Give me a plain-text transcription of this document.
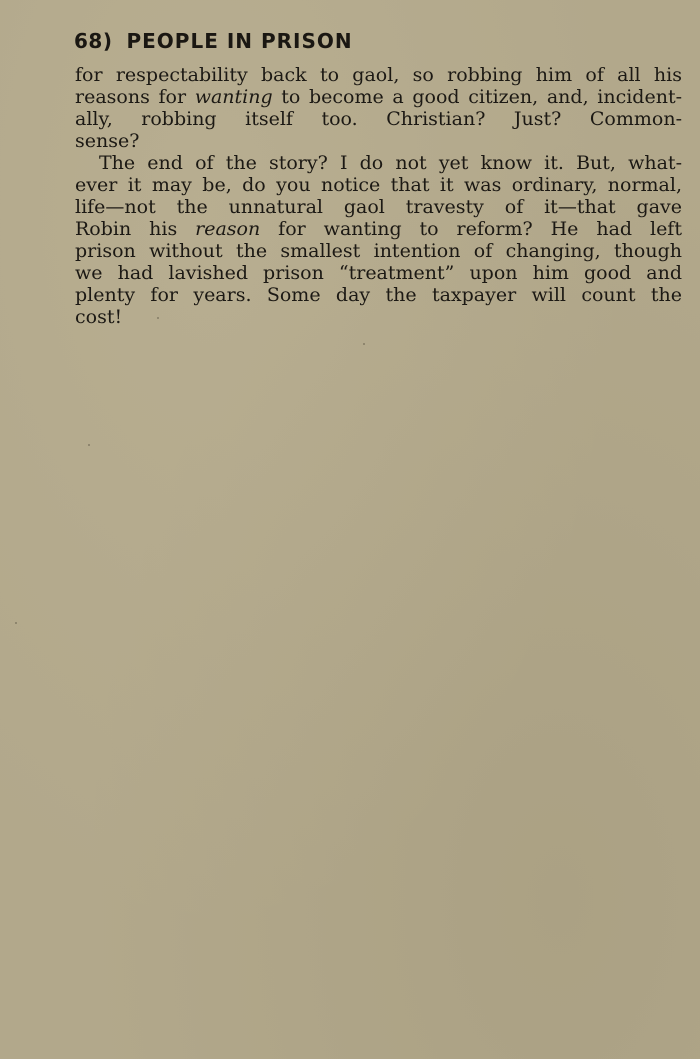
68) PEOPLE IN PRISON
for respectability back to gaol, so robbing him of all his
reasons for wanting to become a good citizen, and, incident-
ally, robbing itself too. Christian? Just? Common-
sense?
The end of the story? I do not yet know it. But, what-
ever it may be, do you notice that it was ordinary, normal,
life—not the unnatural gaol travesty of it—that gave
Robin his reason for wanting to reform? He had left
prison without the smallest intention of changing, though
we had lavished prison “treatment” upon him good and
plenty for years. Some day the taxpayer will count the
cost!
